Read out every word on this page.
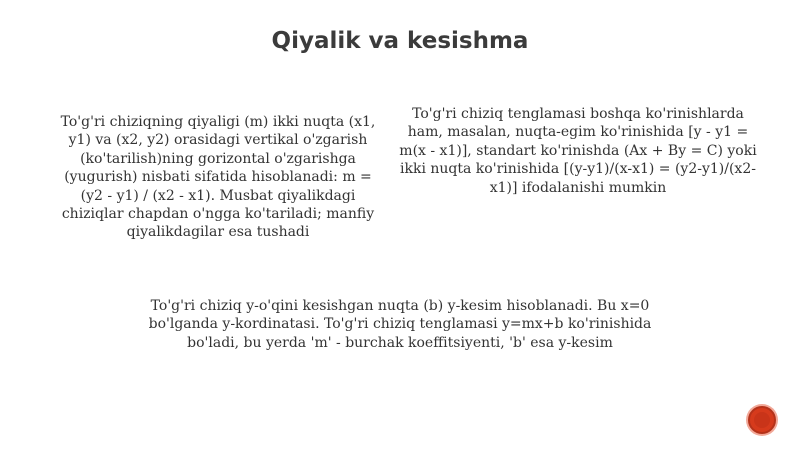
Qiyalik va kesishma
To'g'ri chiziqning qiyaligi (m) ikki nuqta (x1, y1) va (x2, y2) orasidagi vertikal o'zgarish (ko'tarilish)ning gorizontal o'zgarishga (yugurish) nisbati sifatida hisoblanadi: m = (y2 - y1) / (x2 - x1). Musbat qiyalikdagi chiziqlar chapdan o'ngga ko'tariladi; manfiy qiyalikdagilar esa tushadi
To'g'ri chiziq tenglamasi boshqa ko'rinishlarda ham, masalan, nuqta-egim ko'rinishida [y - y1 = m(x - x1)], standart ko'rinishda (Ax + By = C) yoki ikki nuqta ko'rinishida [(y-y1)/(x-x1) = (y2-y1)/(x2-x1)] ifodalanishi mumkin
To'g'ri chiziq y-o'qini kesishgan nuqta (b) y-kesim hisoblanadi. Bu x=0 bo'lganda y-kordinatasi. To'g'ri chiziq tenglamasi y=mx+b ko'rinishida bo'ladi, bu yerda 'm' - burchak koeffitsiyenti, 'b' esa y-kesim
